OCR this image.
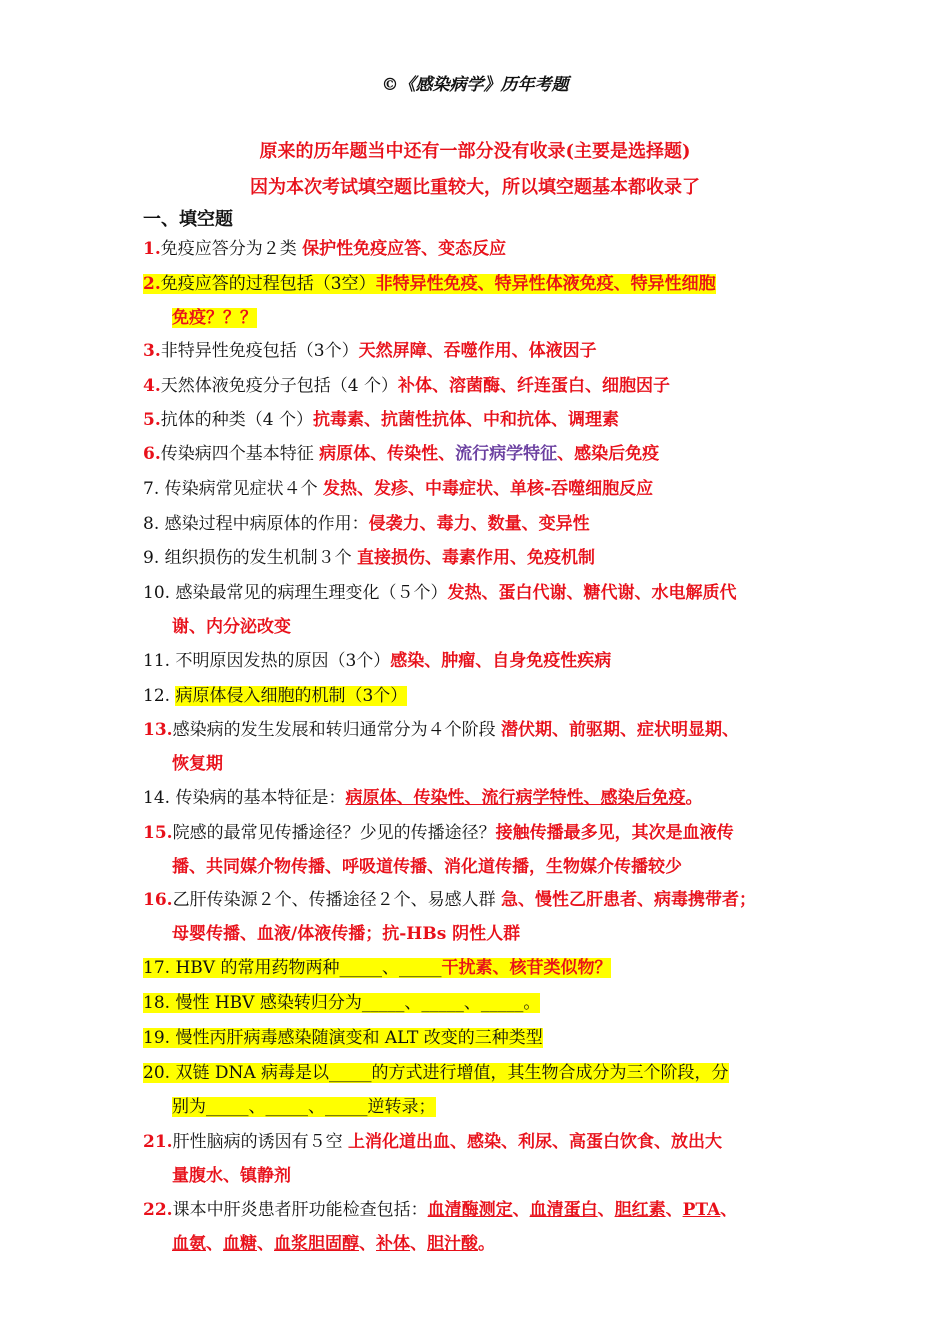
©《感染病学》历年考题
原来的历年题当中还有一部分没有收录(主要是选择题)
因为本次考试填空题比重较大，所以填空题基本都收录了
一、填空题
1.免疫应答分为２类 保护性免疫应答、变态反应
2.免疫应答的过程包括（3空）非特异性免疫、特异性体液免疫、特异性细胞
免疫？？？
3.非特异性免疫包括（3个）天然屏障、吞噬作用、体液因子
4.天然体液免疫分子包括（4 个）补体、溶菌酶、纤连蛋白、细胞因子
5.抗体的种类（4 个）抗毒素、抗菌性抗体、中和抗体、调理素
6.传染病四个基本特征 病原体、传染性、流行病学特征、感染后免疫
7. 传染病常见症状４个 发热、发疹、中毒症状、单核-吞噬细胞反应
8. 感染过程中病原体的作用：侵袭力、毒力、数量、变异性
9. 组织损伤的发生机制３个 直接损伤、毒素作用、免疫机制
10. 感染最常见的病理生理变化（５个）发热、蛋白代谢、糖代谢、水电解质代
谢、内分泌改变
11. 不明原因发热的原因（3个）感染、肿瘤、自身免疫性疾病
12. 病原体侵入细胞的机制（3个）
13.感染病的发生发展和转归通常分为４个阶段 潜伏期、前驱期、症状明显期、
恢复期
14. 传染病的基本特征是：病原体、传染性、流行病学特性、感染后免疫。
15.院感的最常见传播途径？少见的传播途径？接触传播最多见，其次是血液传
播、共同媒介物传播、呼吸道传播、消化道传播，生物媒介传播较少
16.乙肝传染源２个、传播途径２个、易感人群 急、慢性乙肝患者、病毒携带者；
母婴传播、血液/体液传播；抗-HBs 阴性人群
17. HBV 的常用药物两种_____、_____干扰素、核苷类似物？
18. 慢性 HBV 感染转归分为_____、_____、_____。
19. 慢性丙肝病毒感染随演变和 ALT 改变的三种类型
20. 双链 DNA 病毒是以_____的方式进行增值，其生物合成分为三个阶段，分
别为_____、_____、_____逆转录；
21.肝性脑病的诱因有５空 上消化道出血、感染、利尿、高蛋白饮食、放出大
量腹水、镇静剂
22.课本中肝炎患者肝功能检查包括：血清酶测定、血清蛋白、胆红素、PTA、
血氨、血糖、血浆胆固醇、补体、胆汁酸。
